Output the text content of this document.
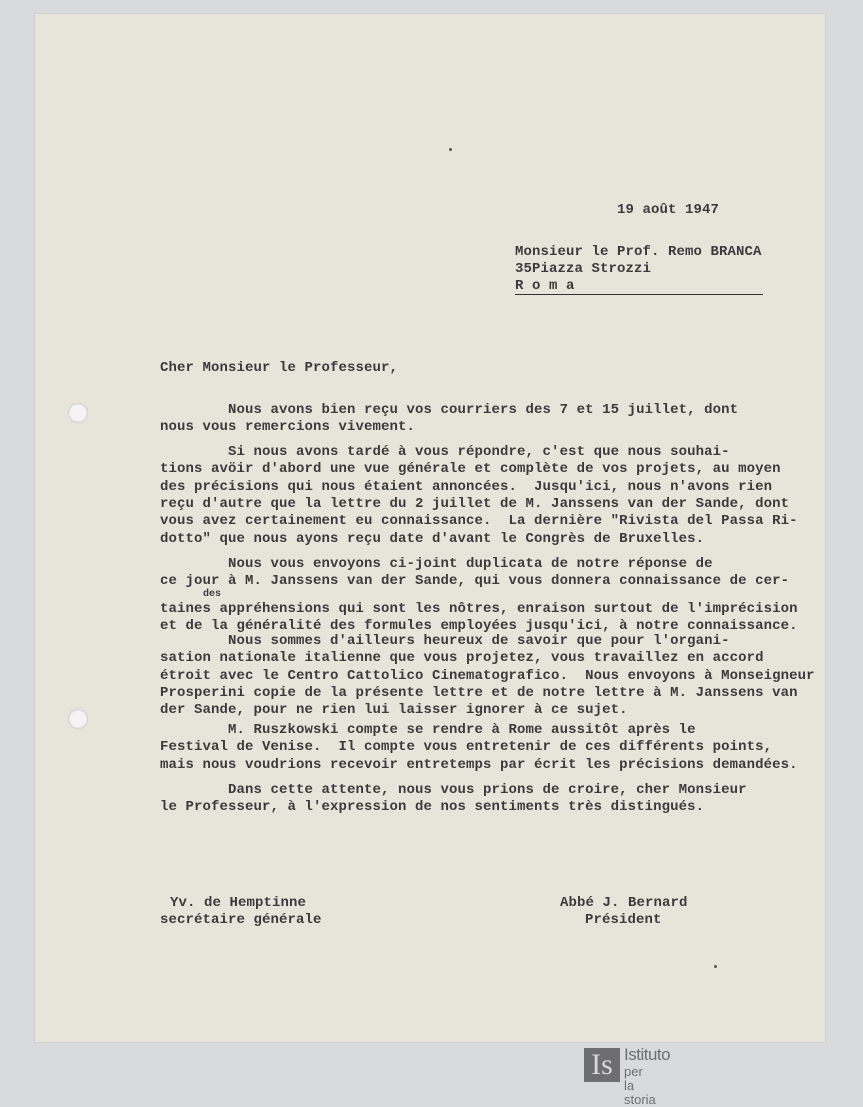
19 août 1947
Monsieur le Prof. Remo BRANCA
35Piazza Strozzi
R o m a
Cher Monsieur le Professeur,
Nous avons bien reçu vos courriers des 7 et 15 juillet, dont
nous vous remercions vivement.
Si nous avons tardé à vous répondre, c'est que nous souhai-
tions avöir d'abord une vue générale et complète de vos projets, au moyen
des précisions qui nous étaient annoncées.  Jusqu'ici, nous n'avons rien
reçu d'autre que la lettre du 2 juillet de M. Janssens van der Sande, dont
vous avez certainement eu connaissance.  La dernière "Rivista del Passa Ri-
dotto" que nous ayons reçu date d'avant le Congrès de Bruxelles.
Nous vous envoyons ci-joint duplicata de notre réponse de
ce jour à M. Janssens van der Sande, qui vous donnera connaissance de cer-
taines appréhensions qui sont les nôtres, enraison surtout de l'imprécision
et de la généralité des formules employées jusqu'ici, à notre connaissance.
Nous sommes d'ailleurs heureux de savoir que pour l'organi-
sation nationale italienne que vous projetez, vous travaillez en accord
étroit avec le Centro Cattolico Cinematografico.  Nous envoyons à Monseigneur
Prosperini copie de la présente lettre et de notre lettre à M. Janssens van
der Sande, pour ne rien lui laisser ignorer à ce sujet.
M. Ruszkowski compte se rendre à Rome aussitôt après le
Festival de Venise.  Il compte vous entretenir de ces différents points,
mais nous voudrions recevoir entretemps par écrit les précisions demandées.
Dans cette attente, nous vous prions de croire, cher Monsieur
le Professeur, à l'expression de nos sentiments très distingués.
des
Yv. de Hemptinne
secrétaire générale
Abbé J. Bernard
Président
Is Istituto
per la storia
